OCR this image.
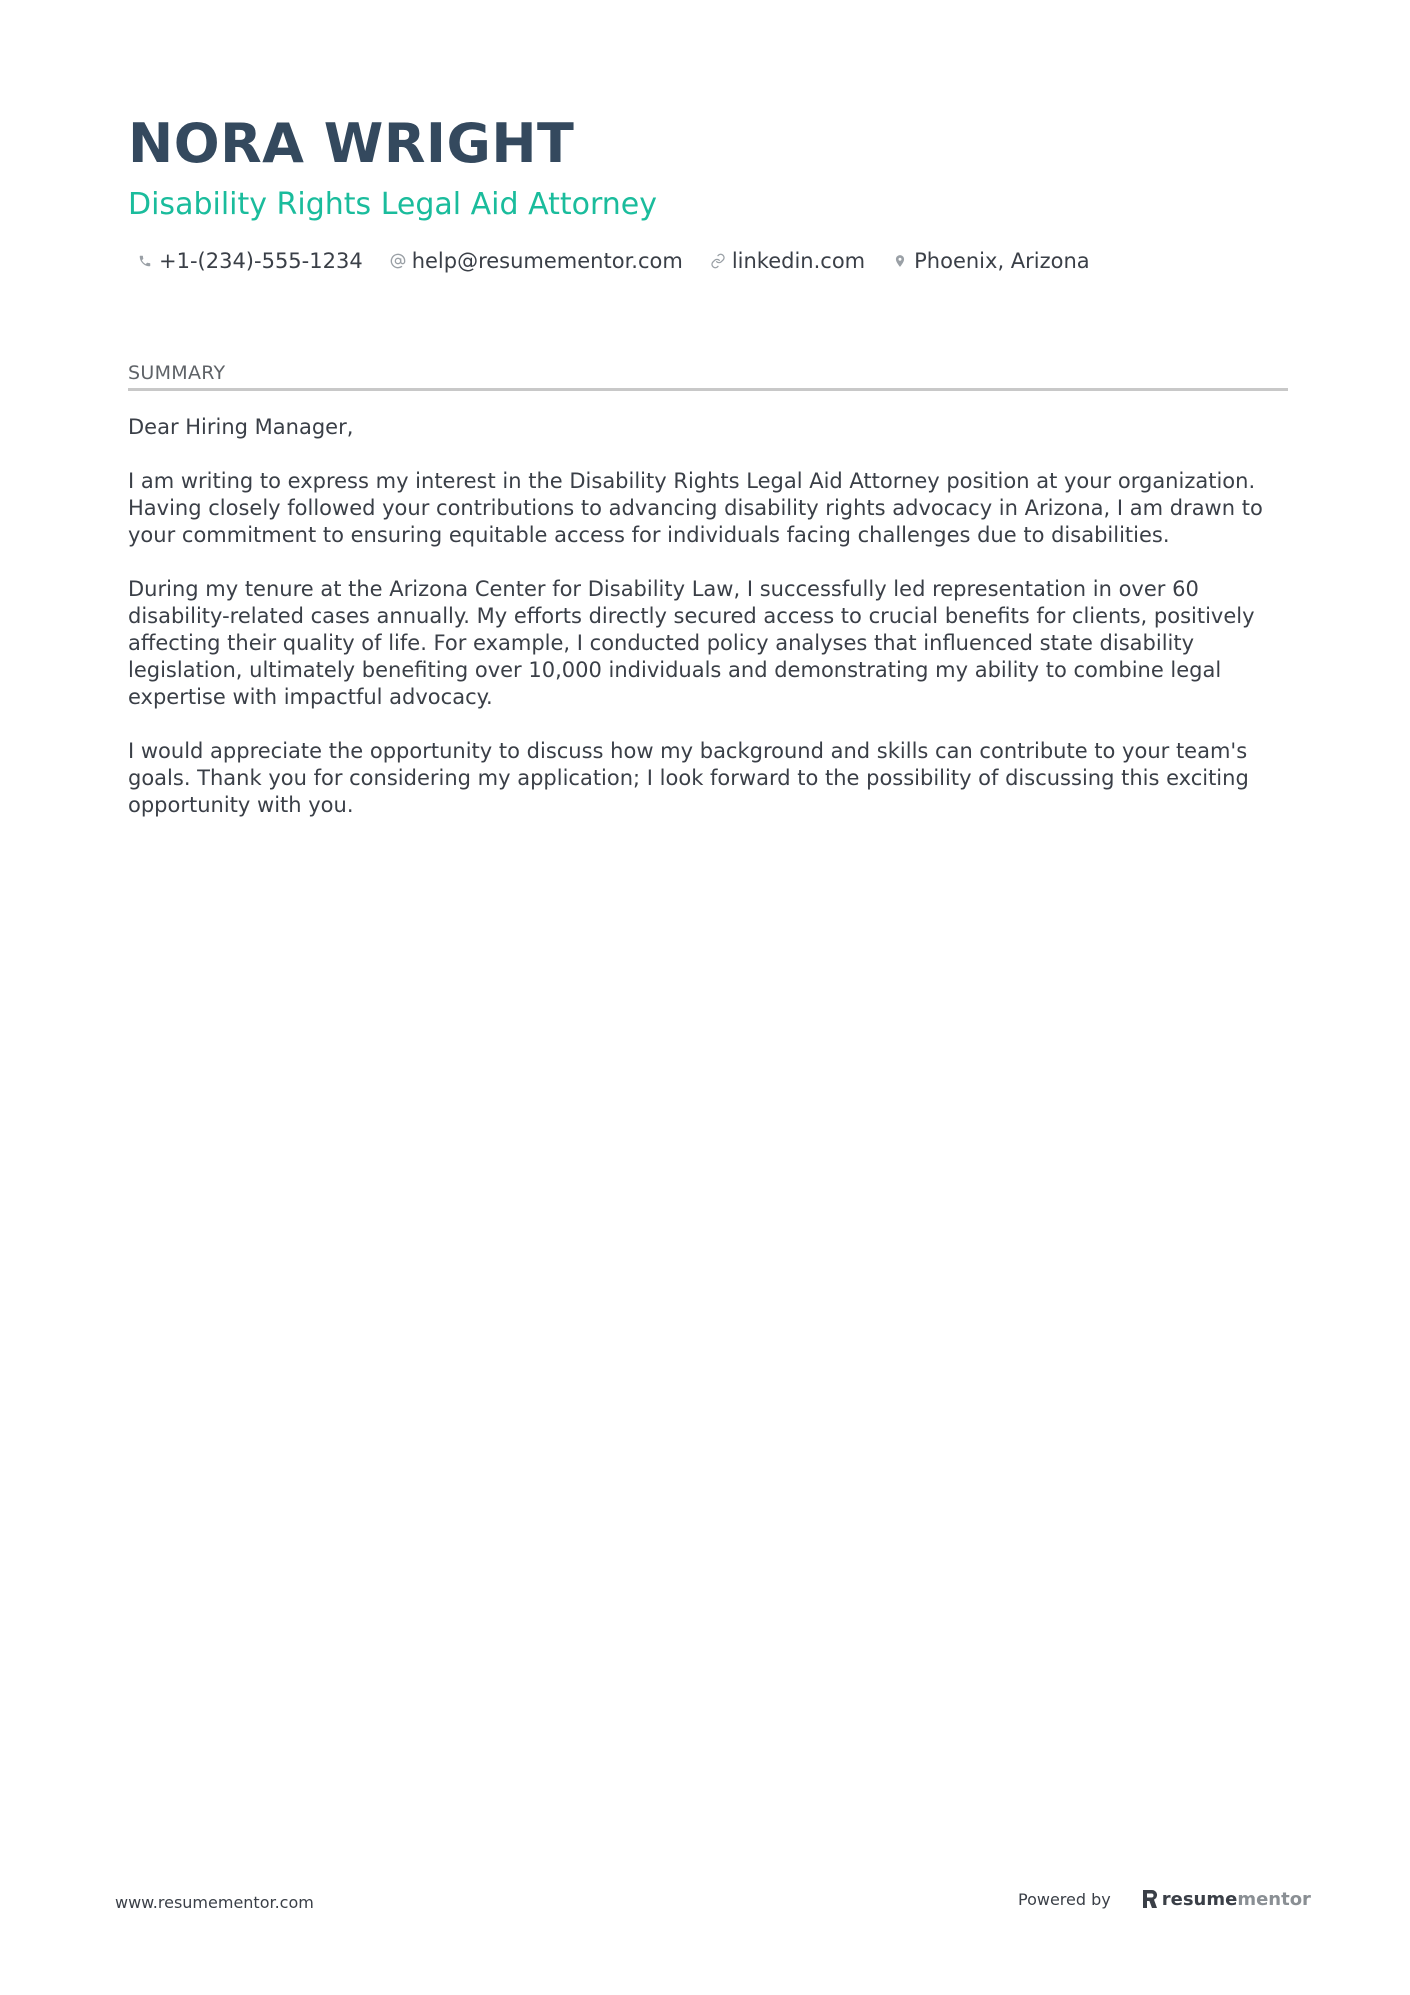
NORA WRIGHT
Disability Rights Legal Aid Attorney
+1-(234)-555-1234 help@resumementor.com linkedin.com Phoenix, Arizona
SUMMARY

Dear Hiring Manager,

I am writing to express my interest in the Disability Rights Legal Aid Attorney position at your organization. Having closely followed your contributions to advancing disability rights advocacy in Arizona, I am drawn to your commitment to ensuring equitable access for individuals facing challenges due to disabilities.

During my tenure at the Arizona Center for Disability Law, I successfully led representation in over 60 disability-related cases annually. My efforts directly secured access to crucial benefits for clients, positively affecting their quality of life. For example, I conducted policy analyses that influenced state disability legislation, ultimately benefiting over 10,000 individuals and demonstrating my ability to combine legal expertise with impactful advocacy.

I would appreciate the opportunity to discuss how my background and skills can contribute to your team's goals. Thank you for considering my application; I look forward to the possibility of discussing this exciting opportunity with you.

www.resumementor.com	Powered by	resume mentor
